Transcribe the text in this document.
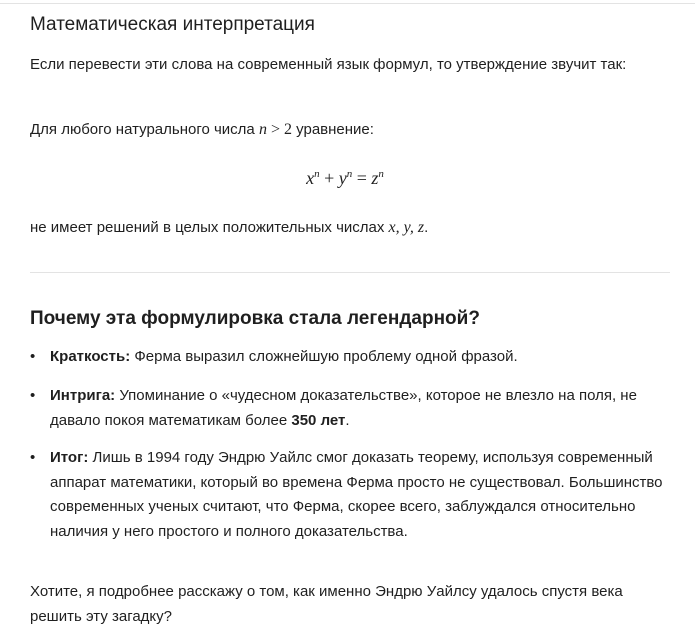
Математическая интерпретация

Если перевести эти слова на современный язык формул, то утверждение звучит так:

Для любого натурального числа n > 2 уравнение:

$x^n + y^n = z^n$

не имеет решений в целых положительных числах x, y, z.

Почему эта формулировка стала легендарной?
• Краткость: Ферма выразил сложнейшую проблему одной фразой.
• Интрига: Упоминание о «чудесном доказательстве», которое не влезло на поля, не давало покоя математикам более 350 лет.
• Итог: Лишь в 1994 году Эндрю Уайлс смог доказать теорему, используя современный аппарат математики, который во времена Ферма просто не существовал. Большинство современных ученых считают, что Ферма, скорее всего, заблуждался относительно наличия у него простого и полного доказательства.

Хотите, я подробнее расскажу о том, как именно Эндрю Уайлсу удалось спустя века решить эту загадку?
